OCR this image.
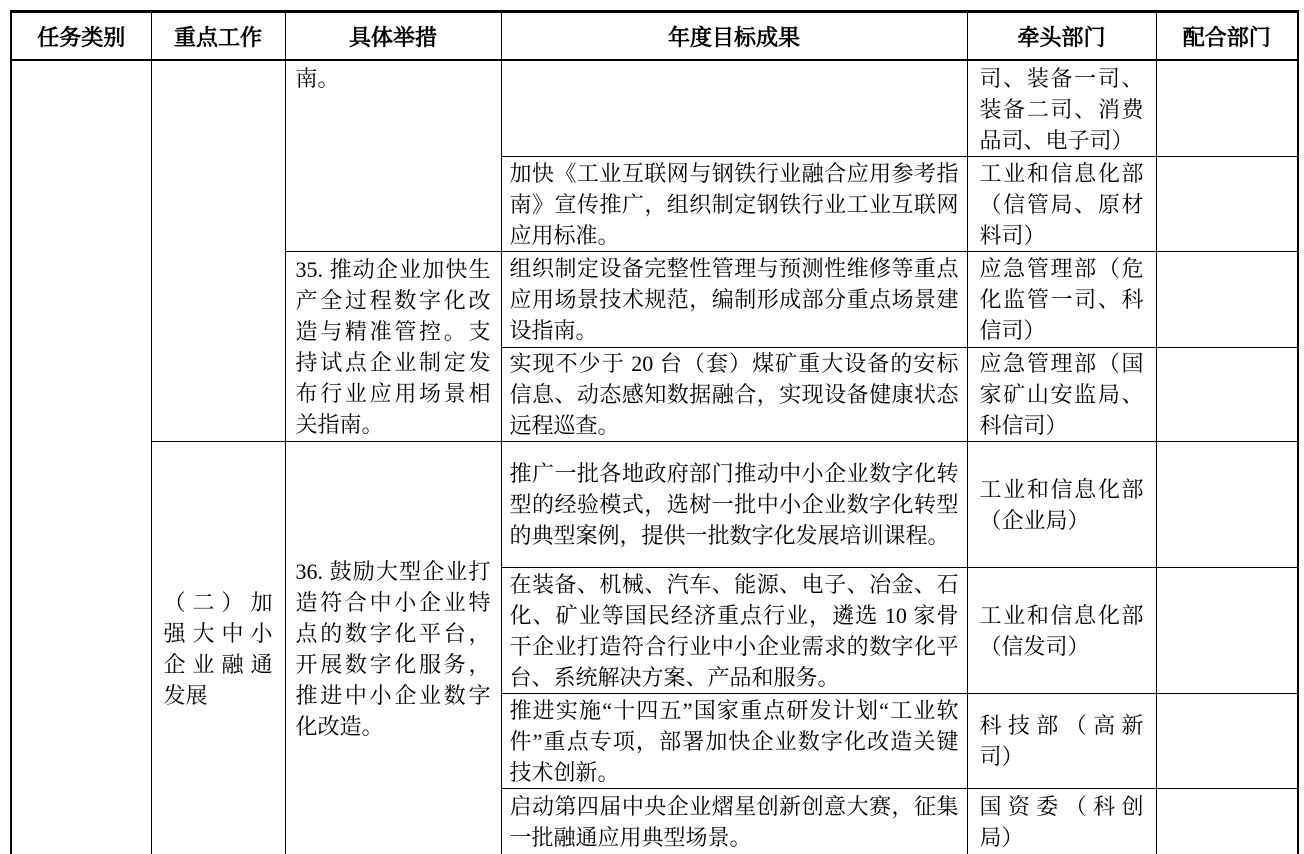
任务类别	重点工作	具体举措	年度目标成果	牵头部门	配合部门
		南。		司、装备一司、装备二司、消费品司、电子司）	
			加快《工业互联网与钢铁行业融合应用参考指南》宣传推广，组织制定钢铁行业工业互联网应用标准。	工业和信息化部（信管局、原材料司）	
		35. 推动企业加快生产全过程数字化改造与精准管控。支持试点企业制定发布行业应用场景相关指南。	组织制定设备完整性管理与预测性维修等重点应用场景技术规范，编制形成部分重点场景建设指南。	应急管理部（危化监管一司、科信司）	
			实现不少于 20 台（套）煤矿重大设备的安标信息、动态感知数据融合，实现设备健康状态远程巡查。	应急管理部（国家矿山安监局、科信司）	
	（二）加强大中小企业融通发展	36. 鼓励大型企业打造符合中小企业特点的数字化平台，开展数字化服务，推进中小企业数字化改造。	推广一批各地政府部门推动中小企业数字化转型的经验模式，选树一批中小企业数字化转型的典型案例，提供一批数字化发展培训课程。	工业和信息化部（企业局）	
			在装备、机械、汽车、能源、电子、冶金、石化、矿业等国民经济重点行业，遴选 10 家骨干企业打造符合行业中小企业需求的数字化平台、系统解决方案、产品和服务。	工业和信息化部（信发司）	
			推进实施“十四五”国家重点研发计划“工业软件”重点专项，部署加快企业数字化改造关键技术创新。	科技部（高新司）	
			启动第四届中央企业熠星创新创意大赛，征集一批融通应用典型场景。	国资委（科创局）	
